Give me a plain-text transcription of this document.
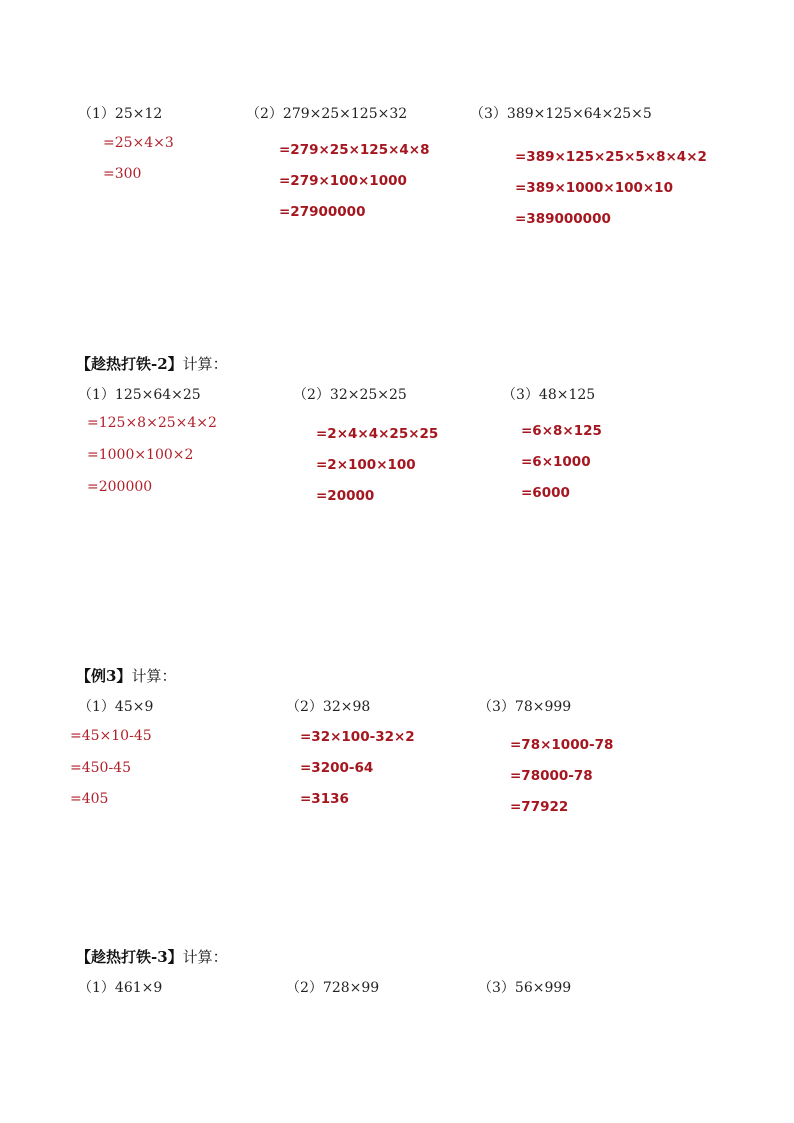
（1）25×12
=25×4×3
=300
（2）279×25×125×32
=279×25×125×4×8
=279×100×1000
=27900000
（3）389×125×64×25×5
=389×125×25×5×8×4×2
=389×1000×100×10
=389000000
【趁热打铁-2】计算：
（1）125×64×25
=125×8×25×4×2
=1000×100×2
=200000
（2）32×25×25
=2×4×4×25×25
=2×100×100
=20000
（3）48×125
=6×8×125
=6×1000
=6000
【例3】计算：
（1）45×9
=45×10-45
=450-45
=405
（2）32×98
=32×100-32×2
=3200-64
=3136
（3）78×999
=78×1000-78
=78000-78
=77922
【趁热打铁-3】计算：
（1）461×9	（2）728×99	（3）56×999
